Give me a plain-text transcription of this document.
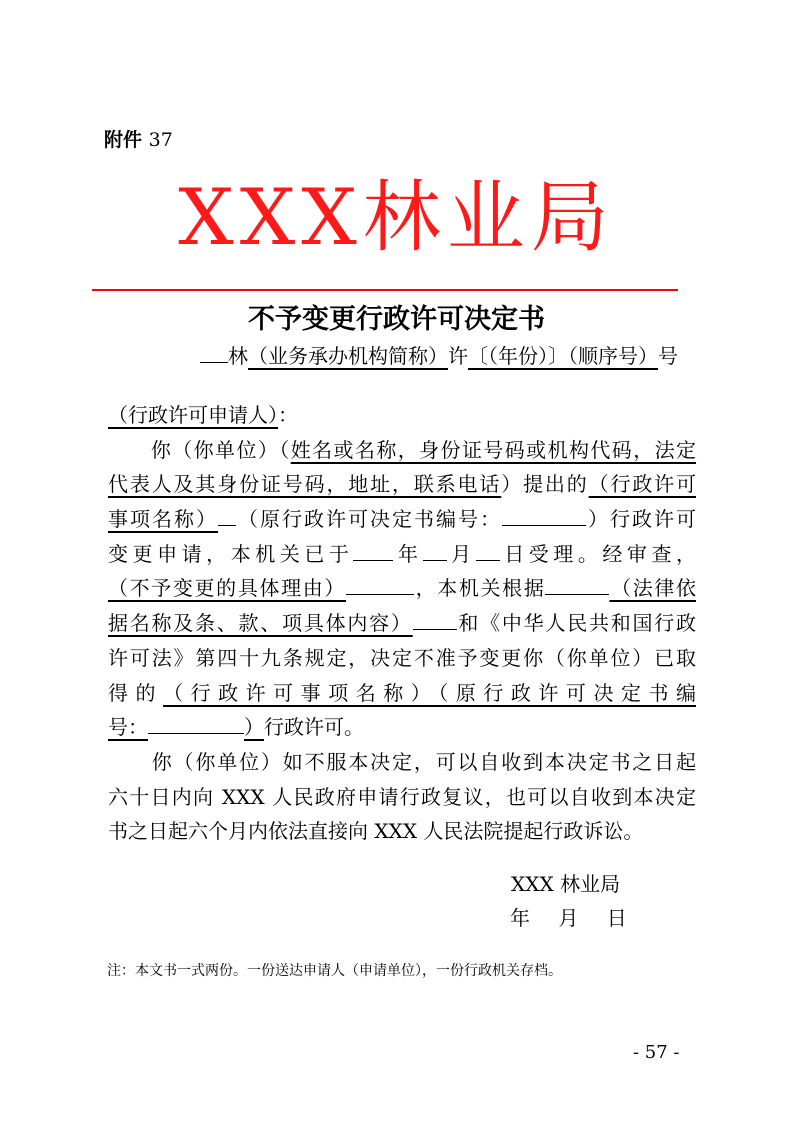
附件 37
XXX林业局
不予变更行政许可决定书
林（业务承办机构简称）许〔（年份）〕（顺序号）号
（行政许可申请人）：
　　你（你单位）（姓名或名称，身份证号码或机构代码，法定
代表人及其身份证号码，地址，联系电话）提出的（行政许可
事项名称） （原行政许可决定书编号：	）行政许可
变更申请，本机关已于 年 月 日受理。经审查，
（不予变更的具体理由）	，本机关根据	（法律依
据名称及条、款、项具体内容） 和《中华人民共和国行政
许可法》第四十九条规定，决定不准予变更你（你单位）已取
得的（行政许可事项名称）（原行政许可决定书编
号：	）行政许可。
　　你（你单位）如不服本决定，可以自收到本决定书之日起
六十日内向 XXX 人民政府申请行政复议，也可以自收到本决定
书之日起六个月内依法直接向 XXX 人民法院提起行政诉讼。
XXX 林业局
年 月 日
注：本文书一式两份。一份送达申请人（申请单位），一份行政机关存档。
- 57 -
